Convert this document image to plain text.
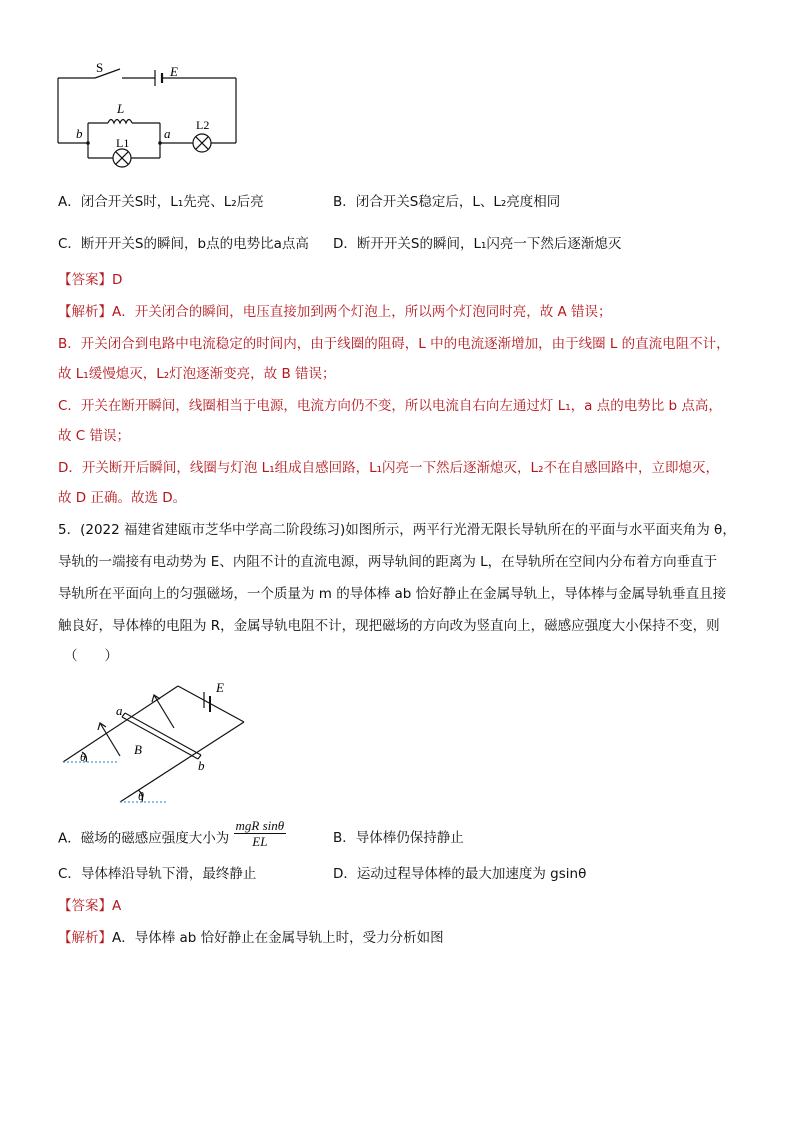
S	E
L
b	a
L1
L2
A．闭合开关S时，L₁先亮、L₂后亮	B．闭合开关S稳定后，L、L₂亮度相同
C．断开开关S的瞬间，b点的电势比a点高 D．断开开关S的瞬间，L₁闪亮一下然后逐渐熄灭
【答案】D
【解析】A．开关闭合的瞬间，电压直接加到两个灯泡上，所以两个灯泡同时亮，故 A 错误；
B．开关闭合到电路中电流稳定的时间内，由于线圈的阻碍，L 中的电流逐渐增加，由于线圈 L 的直流电阻不计，
故 L₁缓慢熄灭，L₂灯泡逐渐变亮，故 B 错误；
C．开关在断开瞬间，线圈相当于电源，电流方向仍不变，所以电流自右向左通过灯 L₁，a 点的电势比 b 点高，
故 C 错误；
D．开关断开后瞬间，线圈与灯泡 L₁组成自感回路，L₁闪亮一下然后逐渐熄灭，L₂不在自感回路中，立即熄灭，
故 D 正确。故选 D。
5．(2022 福建省建瓯市芝华中学高二阶段练习)如图所示，两平行光滑无限长导轨所在的平面与水平面夹角为 θ，
导轨的一端接有电动势为 E、内阻不计的直流电源，两导轨间的距离为 L，在导轨所在空间内分布着方向垂直于
导轨所在平面向上的匀强磁场，一个质量为 m 的导体棒 ab 恰好静止在金属导轨上，导体棒与金属导轨垂直且接
触良好，导体棒的电阻为 R，金属导轨电阻不计，现把磁场的方向改为竖直向上，磁感应强度大小保持不变，则
（　　）
E
a
b
B
θ
θ
A．磁场的磁感应强度大小为
mgR sinθ
EL	B．导体棒仍保持静止
C．导体棒沿导轨下滑，最终静止	D．运动过程导体棒的最大加速度为 gsinθ
【答案】A
【解析】A．导体棒 ab 恰好静止在金属导轨上时，受力分析如图
